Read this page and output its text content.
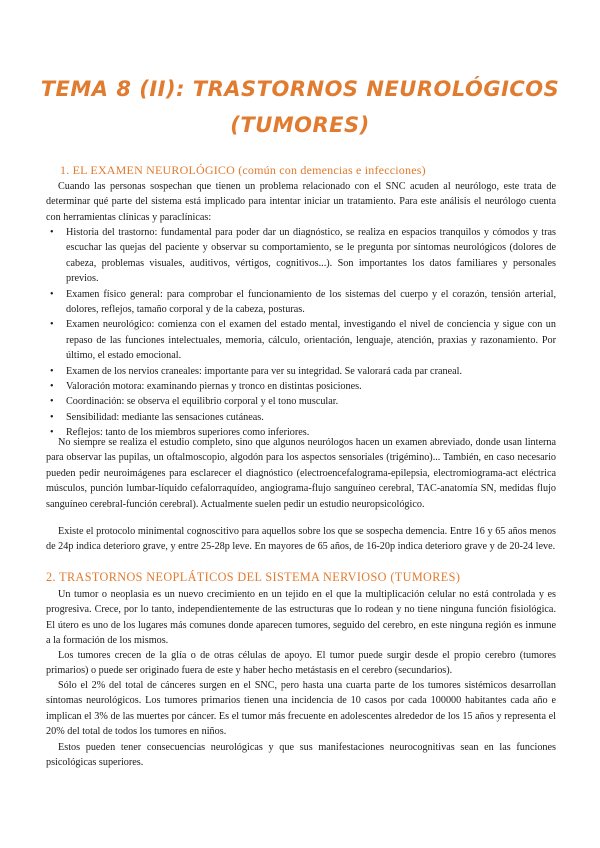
TEMA 8 (II): TRASTORNOS NEUROLÓGICOS
(TUMORES)
1. EL EXAMEN NEUROLÓGICO (común con demencias e infecciones)
Cuando las personas sospechan que tienen un problema relacionado con el SNC acuden al neurólogo, este trata de determinar qué parte del sistema está implicado para intentar iniciar un tratamiento. Para este análisis el neurólogo cuenta con herramientas clínicas y paraclínicas:
• Historia del trastorno: fundamental para poder dar un diagnóstico, se realiza en espacios tranquilos y cómodos y tras escuchar las quejas del paciente y observar su comportamiento, se le pregunta por síntomas neurológicos (dolores de cabeza, problemas visuales, auditivos, vértigos, cognitivos...). Son importantes los datos familiares y personales previos.
• Examen físico general: para comprobar el funcionamiento de los sistemas del cuerpo y el corazón, tensión arterial, dolores, reflejos, tamaño corporal y de la cabeza, posturas.
• Examen neurológico: comienza con el examen del estado mental, investigando el nivel de conciencia y sigue con un repaso de las funciones intelectuales, memoria, cálculo, orientación, lenguaje, atención, praxias y razonamiento. Por último, el estado emocional.
• Examen de los nervios craneales: importante para ver su integridad. Se valorará cada par craneal.
• Valoración motora: examinando piernas y tronco en distintas posiciones.
• Coordinación: se observa el equilibrio corporal y el tono muscular.
• Sensibilidad: mediante las sensaciones cutáneas.
• Reflejos: tanto de los miembros superiores como inferiores.
No siempre se realiza el estudio completo, sino que algunos neurólogos hacen un examen abreviado, donde usan linterna para observar las pupilas, un oftalmoscopio, algodón para los aspectos sensoriales (trigémino)... También, en caso necesario pueden pedir neuroimágenes para esclarecer el diagnóstico (electroencefalograma-epilepsia, electromiograma-act eléctrica músculos, punción lumbar-líquido cefalorraquídeo, angiograma-flujo sanguíneo cerebral, TAC-anatomía SN, medidas flujo sanguíneo cerebral-función cerebral). Actualmente suelen pedir un estudio neuropsicológico.
Existe el protocolo minimental cognoscitivo para aquellos sobre los que se sospecha demencia. Entre 16 y 65 años menos de 24p indica deterioro grave, y entre 25-28p leve. En mayores de 65 años, de 16-20p indica deterioro grave y de 20-24 leve.
2. TRASTORNOS NEOPLÁTICOS DEL SISTEMA NERVIOSO (TUMORES)
Un tumor o neoplasia es un nuevo crecimiento en un tejido en el que la multiplicación celular no está controlada y es progresiva. Crece, por lo tanto, independientemente de las estructuras que lo rodean y no tiene ninguna función fisiológica. El útero es uno de los lugares más comunes donde aparecen tumores, seguido del cerebro, en este ninguna región es inmune a la formación de los mismos.
Los tumores crecen de la glía o de otras células de apoyo. El tumor puede surgir desde el propio cerebro (tumores primarios) o puede ser originado fuera de este y haber hecho metástasis en el cerebro (secundarios).
Sólo el 2% del total de cánceres surgen en el SNC, pero hasta una cuarta parte de los tumores sistémicos desarrollan síntomas neurológicos. Los tumores primarios tienen una incidencia de 10 casos por cada 100000 habitantes cada año e implican el 3% de las muertes por cáncer. Es el tumor más frecuente en adolescentes alrededor de los 15 años y representa el 20% del total de todos los tumores en niños.
Estos pueden tener consecuencias neurológicas y que sus manifestaciones neurocognitivas sean en las funciones psicológicas superiores.
